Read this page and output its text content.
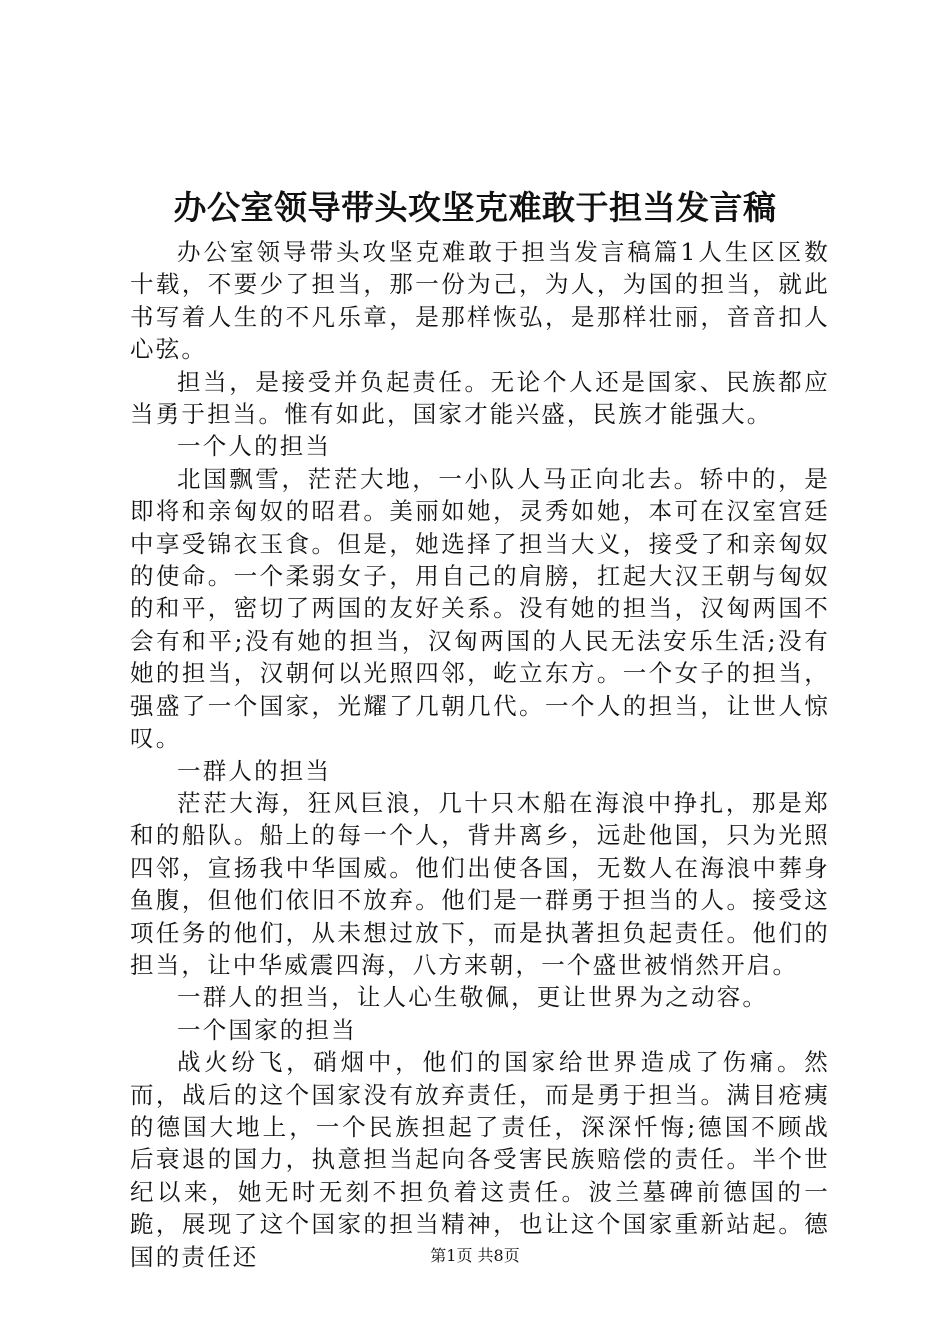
办公室领导带头攻坚克难敢于担当发言稿

办公室领导带头攻坚克难敢于担当发言稿篇1人生区区数十载，不要少了担当，那一份为己，为人，为国的担当，就此书写着人生的不凡乐章，是那样恢弘，是那样壮丽，音音扣人心弦。

担当，是接受并负起责任。无论个人还是国家、民族都应当勇于担当。惟有如此，国家才能兴盛，民族才能强大。

一个人的担当

北国飘雪，茫茫大地，一小队人马正向北去。轿中的，是即将和亲匈奴的昭君。美丽如她，灵秀如她，本可在汉室宫廷中享受锦衣玉食。但是，她选择了担当大义，接受了和亲匈奴的使命。一个柔弱女子，用自己的肩膀，扛起大汉王朝与匈奴的和平，密切了两国的友好关系。没有她的担当，汉匈两国不会有和平;没有她的担当，汉匈两国的人民无法安乐生活;没有她的担当，汉朝何以光照四邻，屹立东方。一个女子的担当，强盛了一个国家，光耀了几朝几代。一个人的担当，让世人惊叹。

一群人的担当

茫茫大海，狂风巨浪，几十只木船在海浪中挣扎，那是郑和的船队。船上的每一个人，背井离乡，远赴他国，只为光照四邻，宣扬我中华国威。他们出使各国，无数人在海浪中葬身鱼腹，但他们依旧不放弃。他们是一群勇于担当的人。接受这项任务的他们，从未想过放下，而是执著担负起责任。他们的担当，让中华威震四海，八方来朝，一个盛世被悄然开启。

一群人的担当，让人心生敬佩，更让世界为之动容。

一个国家的担当

战火纷飞，硝烟中，他们的国家给世界造成了伤痛。然而，战后的这个国家没有放弃责任，而是勇于担当。满目疮痍的德国大地上，一个民族担起了责任，深深忏悔;德国不顾战后衰退的国力，执意担当起向各受害民族赔偿的责任。半个世纪以来，她无时无刻不担负着这责任。波兰墓碑前德国的一跪，展现了这个国家的担当精神，也让这个国家重新站起。德国的责任还	第1页 共8页
